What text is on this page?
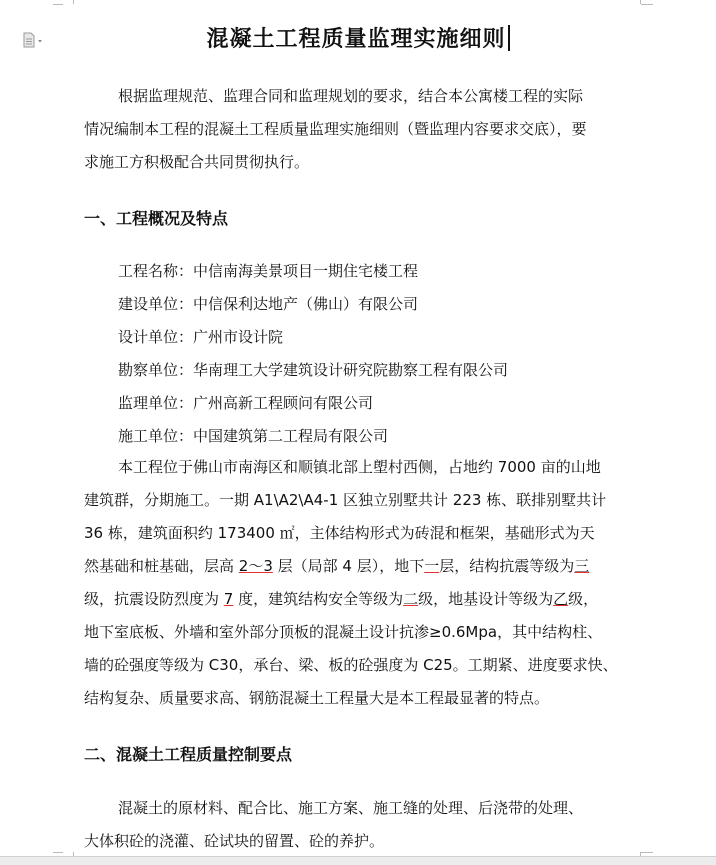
混凝土工程质量监理实施细则
根据监理规范、监理合同和监理规划的要求，结合本公寓楼工程的实际
情况编制本工程的混凝土工程质量监理实施细则（暨监理内容要求交底），要
求施工方积极配合共同贯彻执行。
一、工程概况及特点
工程名称：中信南海美景项目一期住宅楼工程
建设单位：中信保利达地产（佛山）有限公司
设计单位：广州市设计院
勘察单位：华南理工大学建筑设计研究院勘察工程有限公司
监理单位：广州高新工程顾问有限公司
施工单位：中国建筑第二工程局有限公司
本工程位于佛山市南海区和顺镇北部上塱村西侧，占地约 7000 亩的山地
建筑群，分期施工。一期 A1\A2\A4-1 区独立别墅共计 223 栋、联排别墅共计
36 栋，建筑面积约 173400 ㎡，主体结构形式为砖混和框架，基础形式为天
然基础和桩基础，层高 2～3 层（局部 4 层），地下一层，结构抗震等级为三
级，抗震设防烈度为 7 度，建筑结构安全等级为二级，地基设计等级为乙级，
地下室底板、外墙和室外部分顶板的混凝土设计抗渗≥0.6Mpa，其中结构柱、
墙的砼强度等级为 C30，承台、梁、板的砼强度为 C25。工期紧、进度要求快、
结构复杂、质量要求高、钢筋混凝土工程量大是本工程最显著的特点。
二、混凝土工程质量控制要点
混凝土的原材料、配合比、施工方案、施工缝的处理、后浇带的处理、
大体积砼的浇灌、砼试块的留置、砼的养护。
